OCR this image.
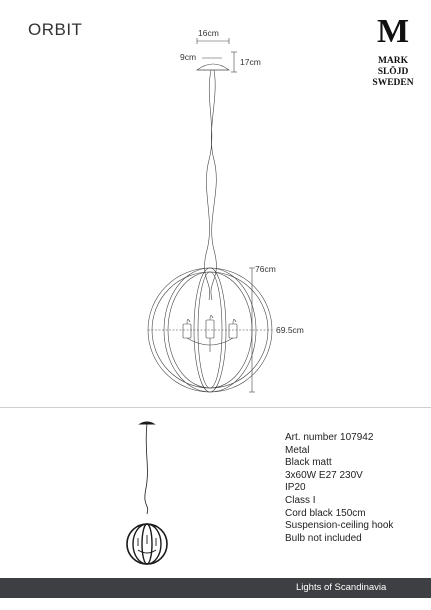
ORBIT	M
MARK
SLÖJD
SWEDEN
16cm
9cm	17cm
76cm
69.5cm
Art. number 107942
Metal
Black matt
3x60W E27 230V
IP20
Class I
Cord black 150cm
Suspension-ceiling hook
Bulb not included
Lights of Scandinavia
